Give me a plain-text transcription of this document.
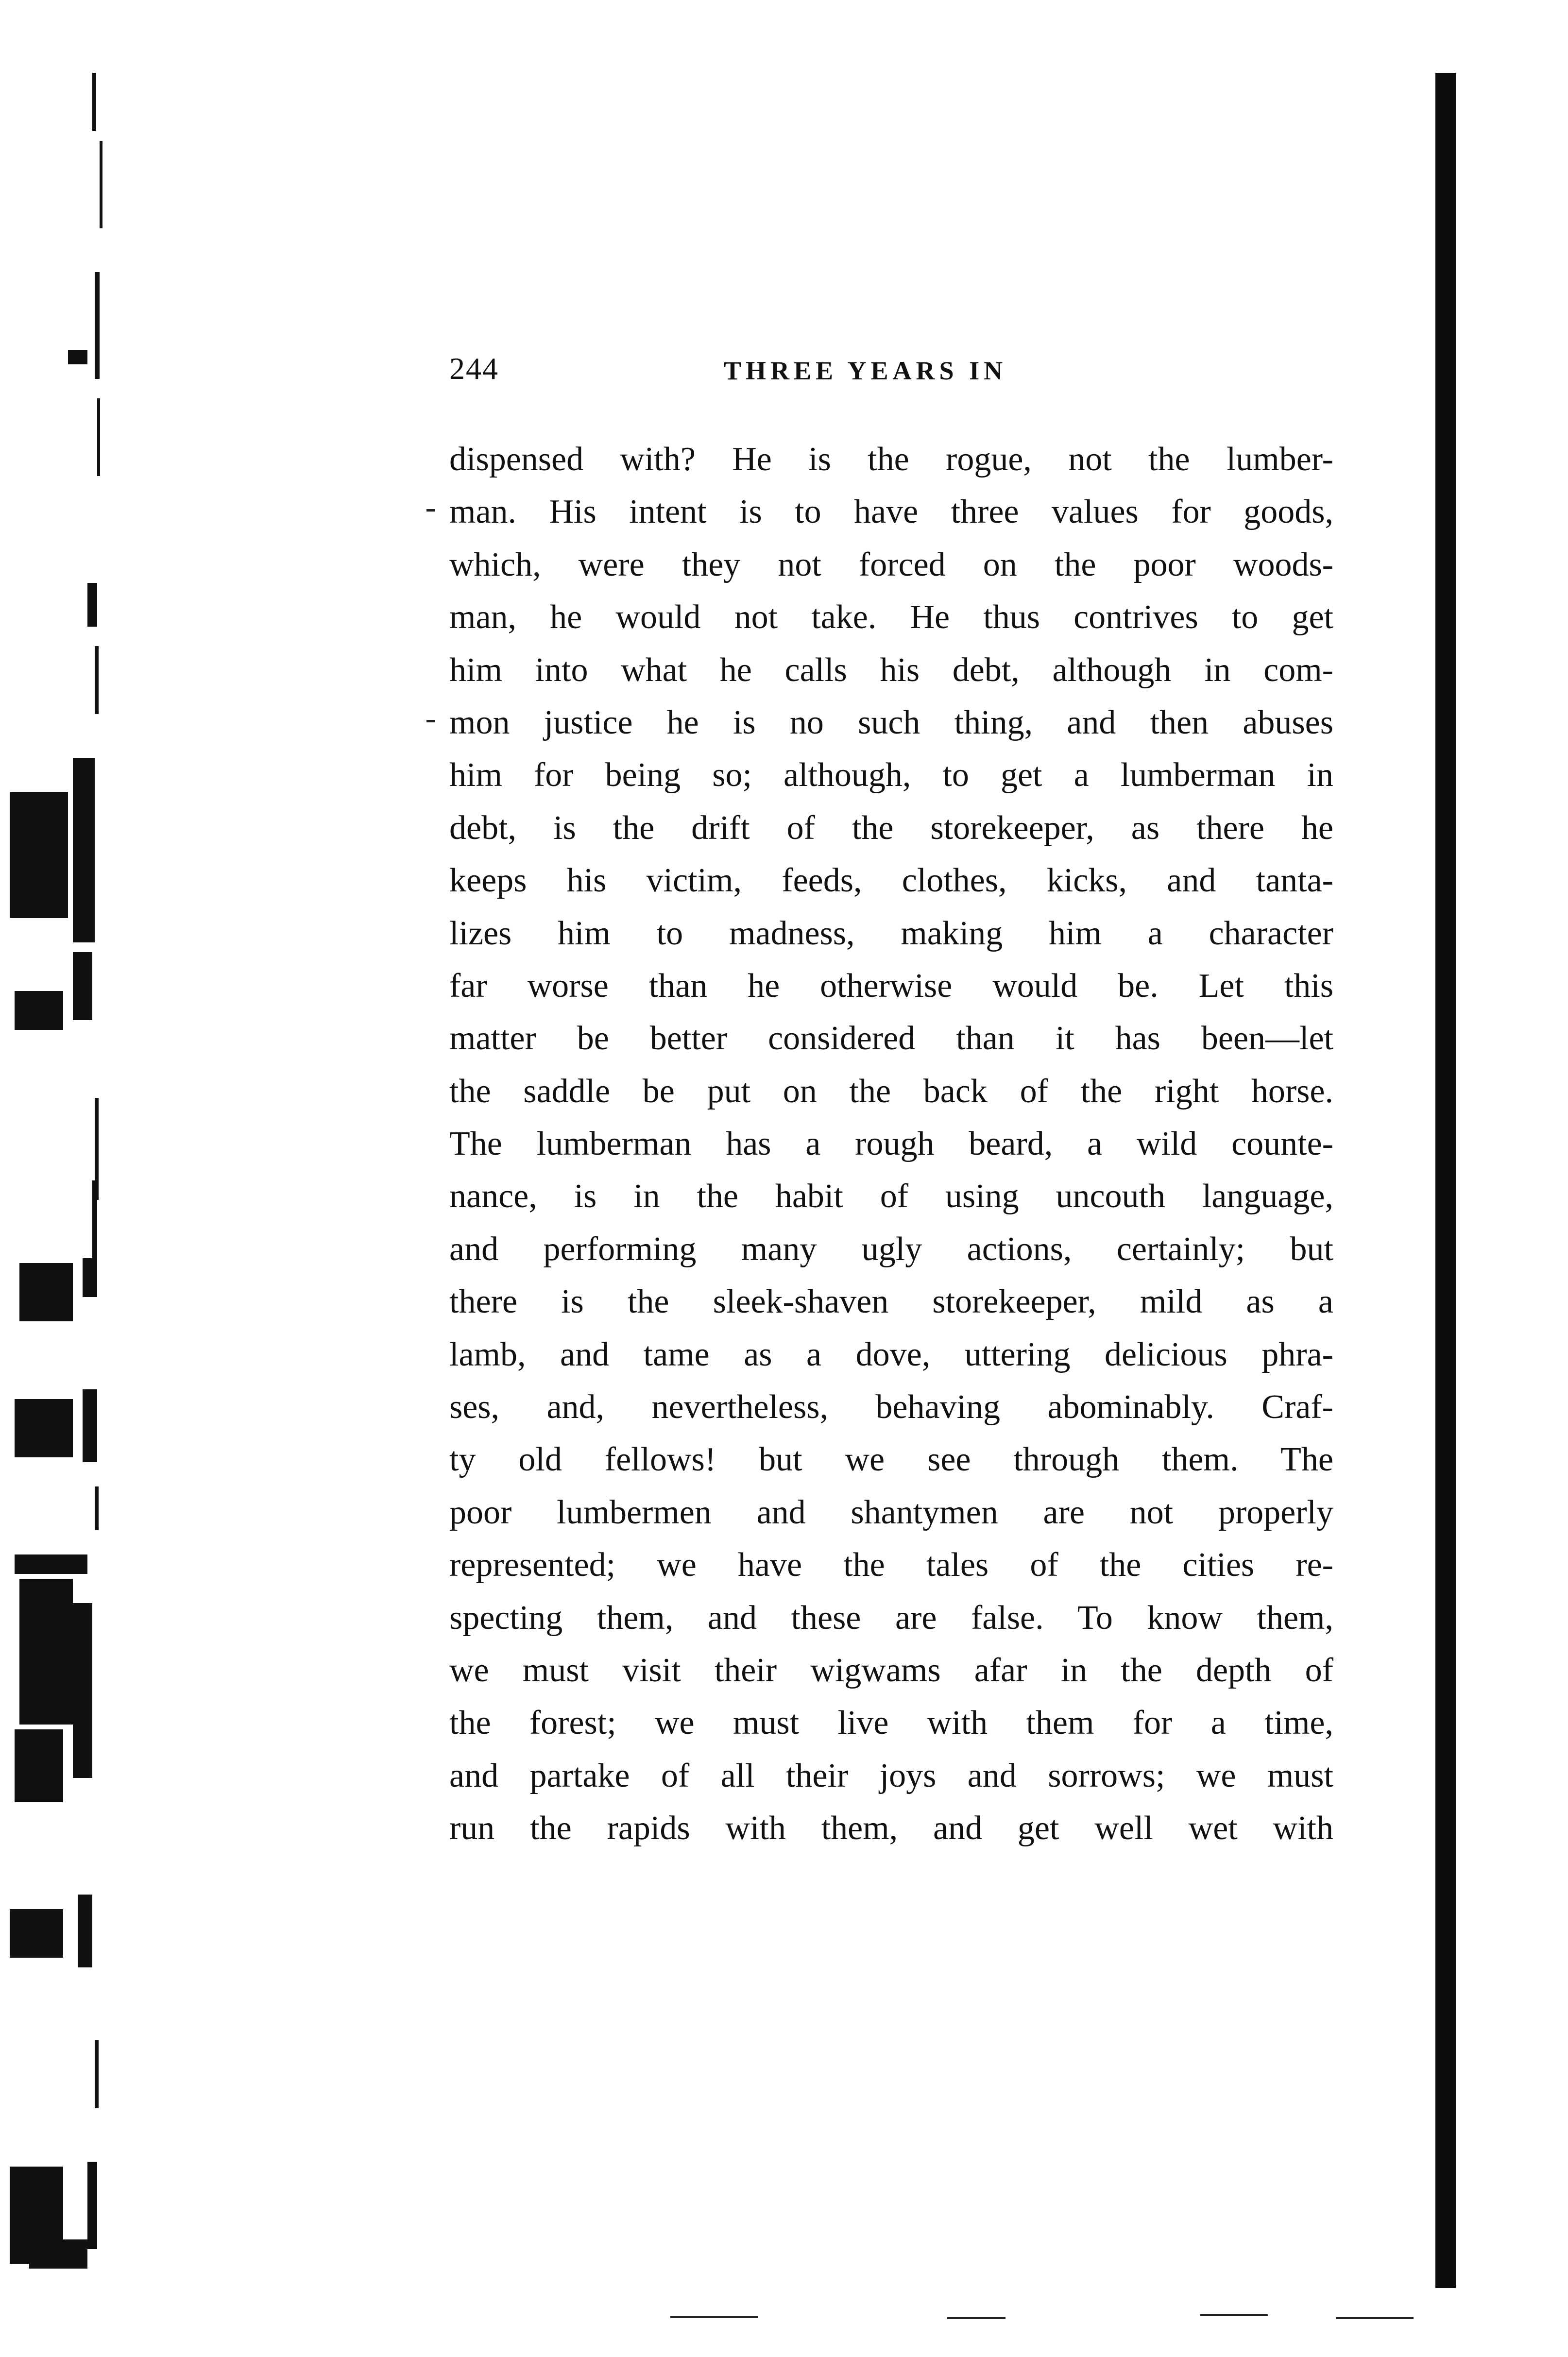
244	THREE YEARS IN
dispensed with? He is the rogue, not the lumber-
man. His intent is to have three values for goods,
which, were they not forced on the poor woods-
man, he would not take. He thus contrives to get
him into what he calls his debt, although in com-
mon justice he is no such thing, and then abuses
him for being so; although, to get a lumberman in
debt, is the drift of the storekeeper, as there he
keeps his victim, feeds, clothes, kicks, and tanta-
lizes him to madness, making him a character
far worse than he otherwise would be. Let this
matter be better considered than it has been—let
the saddle be put on the back of the right horse.
The lumberman has a rough beard, a wild counte-
nance, is in the habit of using uncouth language,
and performing many ugly actions, certainly; but
there is the sleek-shaven storekeeper, mild as a
lamb, and tame as a dove, uttering delicious phra-
ses, and, nevertheless, behaving abominably. Craf-
ty old fellows! but we see through them. The
poor lumbermen and shantymen are not properly
represented; we have the tales of the cities re-
specting them, and these are false. To know them,
we must visit their wigwams afar in the depth of
the forest; we must live with them for a time,
and partake of all their joys and sorrows; we must
run the rapids with them, and get well wet with
